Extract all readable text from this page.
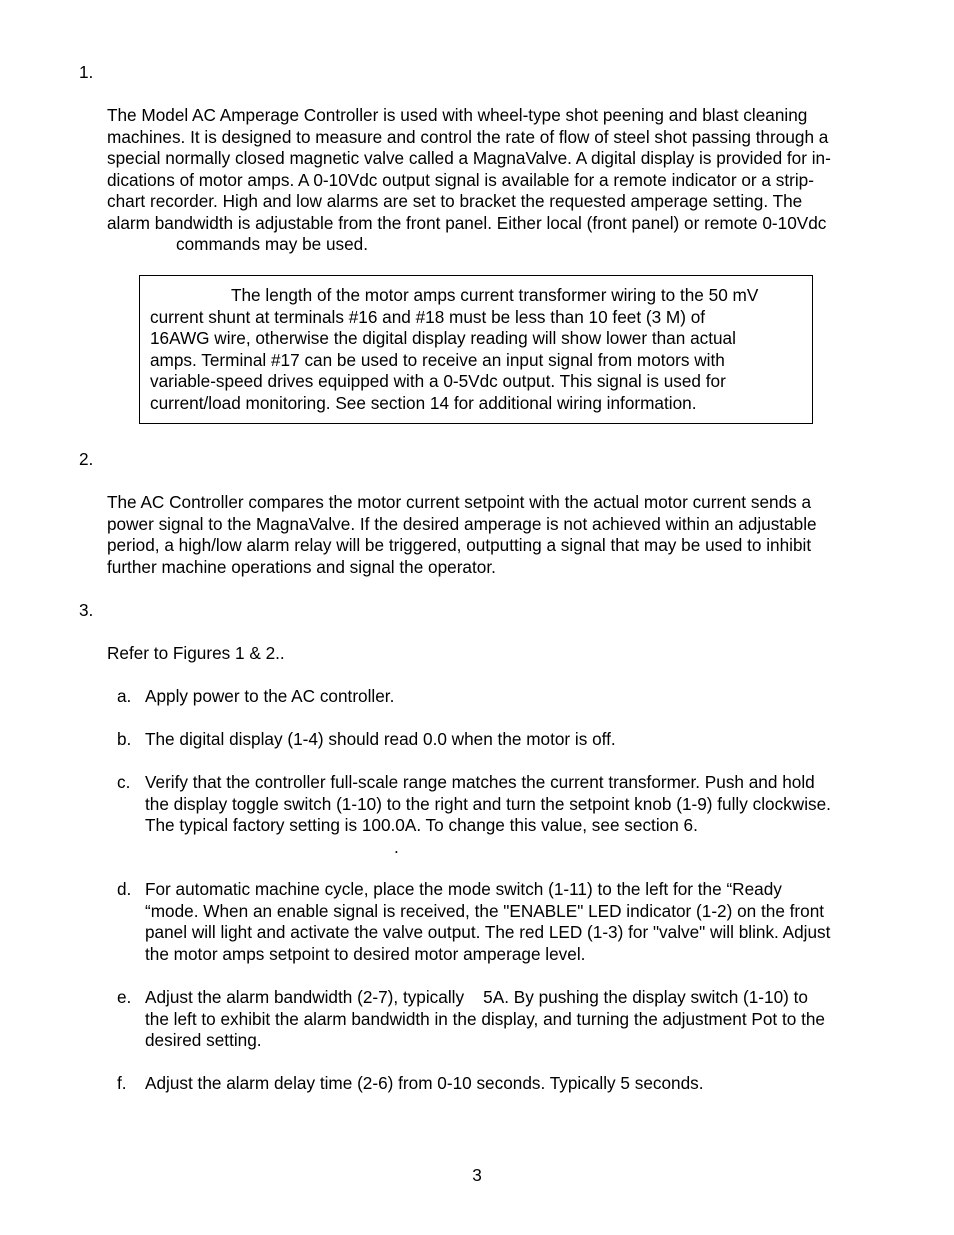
1.

The Model AC Amperage Controller is used with wheel-type shot peening and blast cleaning

machines. It is designed to measure and control the rate of flow of steel shot passing through a

special normally closed magnetic valve called a MagnaValve. A digital display is provided for in-

dications of motor amps. A 0-10Vdc output signal is available for a remote indicator or a strip-

chart recorder. High and low alarms are set to bracket the requested amperage setting. The

alarm bandwidth is adjustable from the front panel. Either local (front panel) or remote 0-10Vdc

commands may be used.

The length of the motor amps current transformer wiring to the 50 mV

current shunt at terminals #16 and #18 must be less than 10 feet (3 M) of

16AWG wire, otherwise the digital display reading will show lower than actual

amps. Terminal #17 can be used to receive an input signal from motors with

variable-speed drives equipped with a 0-5Vdc output. This signal is used for

current/load monitoring. See section 14 for additional wiring information.

2.

The AC Controller compares the motor current setpoint with the actual motor current sends a

power signal to the MagnaValve. If the desired amperage is not achieved within an adjustable

period, a high/low alarm relay will be triggered, outputting a signal that may be used to inhibit

further machine operations and signal the operator.

3.
Refer to Figures 1 & 2..
a. Apply power to the AC controller.

b. The digital display (1-4) should read 0.0 when the motor is off.

c. Verify that the controller full-scale range matches the current transformer. Push and hold

the display toggle switch (1-10) to the right and turn the setpoint knob (1-9) fully clockwise.

The typical factory setting is 100.0A. To change this value, see section 6.

.
d. For automatic machine cycle, place the mode switch (1-11) to the left for the “Ready

“mode. When an enable signal is received, the "ENABLE" LED indicator (1-2) on the front

panel will light and activate the valve output. The red LED (1-3) for "valve" will blink. Adjust

the motor amps setpoint to desired motor amperage level.

e. Adjust the alarm bandwidth (2-7), typically    5A. By pushing the display switch (1-10) to

the left to exhibit the alarm bandwidth in the display, and turning the adjustment Pot to the

desired setting.

f. Adjust the alarm delay time (2-6) from 0-10 seconds. Typically 5 seconds.

3
